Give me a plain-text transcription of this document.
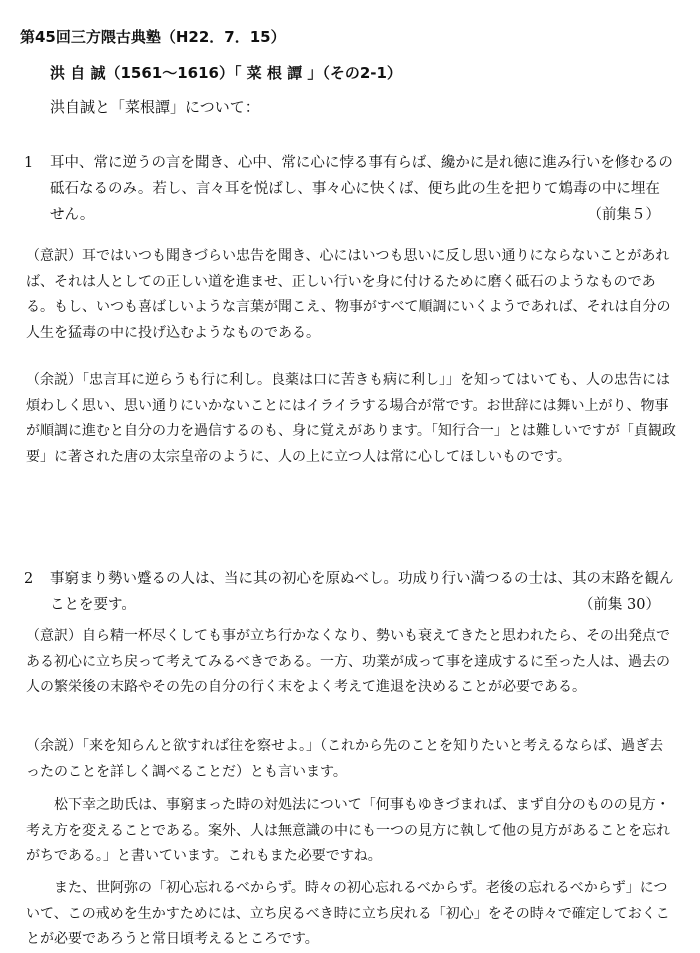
第45回三方隈古典塾（H22．7．15）
洪 自 誠（1561〜1616）「 菜 根 譚 」（その2-1）
洪自誠と「菜根譚」について：
1	耳中、常に逆うの言を聞き、心中、常に心に悖る事有らば、纔かに是れ徳に進み行いを修むるの砥石なるのみ。若し、言々耳を悦ばし、事々心に快くば、便ち此の生を把りて鴆毒の中に埋在せん。	（前集５）

（意訳）耳ではいつも聞きづらい忠告を聞き、心にはいつも思いに反し思い通りにならないことがあれば、それは人としての正しい道を進ませ、正しい行いを身に付けるために磨く砥石のようなものである。もし、いつも喜ばしいような言葉が聞こえ、物事がすべて順調にいくようであれば、それは自分の人生を猛毒の中に投げ込むようなものである。

（余説）「忠言耳に逆らうも行に利し。良薬は口に苦きも病に利し」」を知ってはいても、人の忠告には煩わしく思い、思い通りにいかないことにはイライラする場合が常です。お世辞には舞い上がり、物事が順調に進むと自分の力を過信するのも、身に覚えがあります。「知行合一」とは難しいですが「貞観政要」に著された唐の太宗皇帝のように、人の上に立つ人は常に心してほしいものです。

2	事窮まり勢い蹙るの人は、当に其の初心を原ぬべし。功成り行い満つるの士は、其の末路を観んことを要す。	（前集 30）

（意訳）自ら精一杯尽くしても事が立ち行かなくなり、勢いも衰えてきたと思われたら、その出発点である初心に立ち戻って考えてみるべきである。一方、功業が成って事を達成するに至った人は、過去の人の繁栄後の末路やその先の自分の行く末をよく考えて進退を決めることが必要である。

（余説）「来を知らんと欲すれば往を察せよ。」（これから先のことを知りたいと考えるならば、過ぎ去ったのことを詳しく調べることだ）とも言います。

松下幸之助氏は、事窮まった時の対処法について「何事もゆきづまれば、まず自分のものの見方・考え方を変えることである。案外、人は無意識の中にも一つの見方に執して他の見方があることを忘れがちである。」と書いています。これもまた必要ですね。

また、世阿弥の「初心忘れるべからず。時々の初心忘れるべからず。老後の忘れるべからず」について、この戒めを生かすためには、立ち戻るべき時に立ち戻れる「初心」をその時々で確定しておくことが必要であろうと常日頃考えるところです。
